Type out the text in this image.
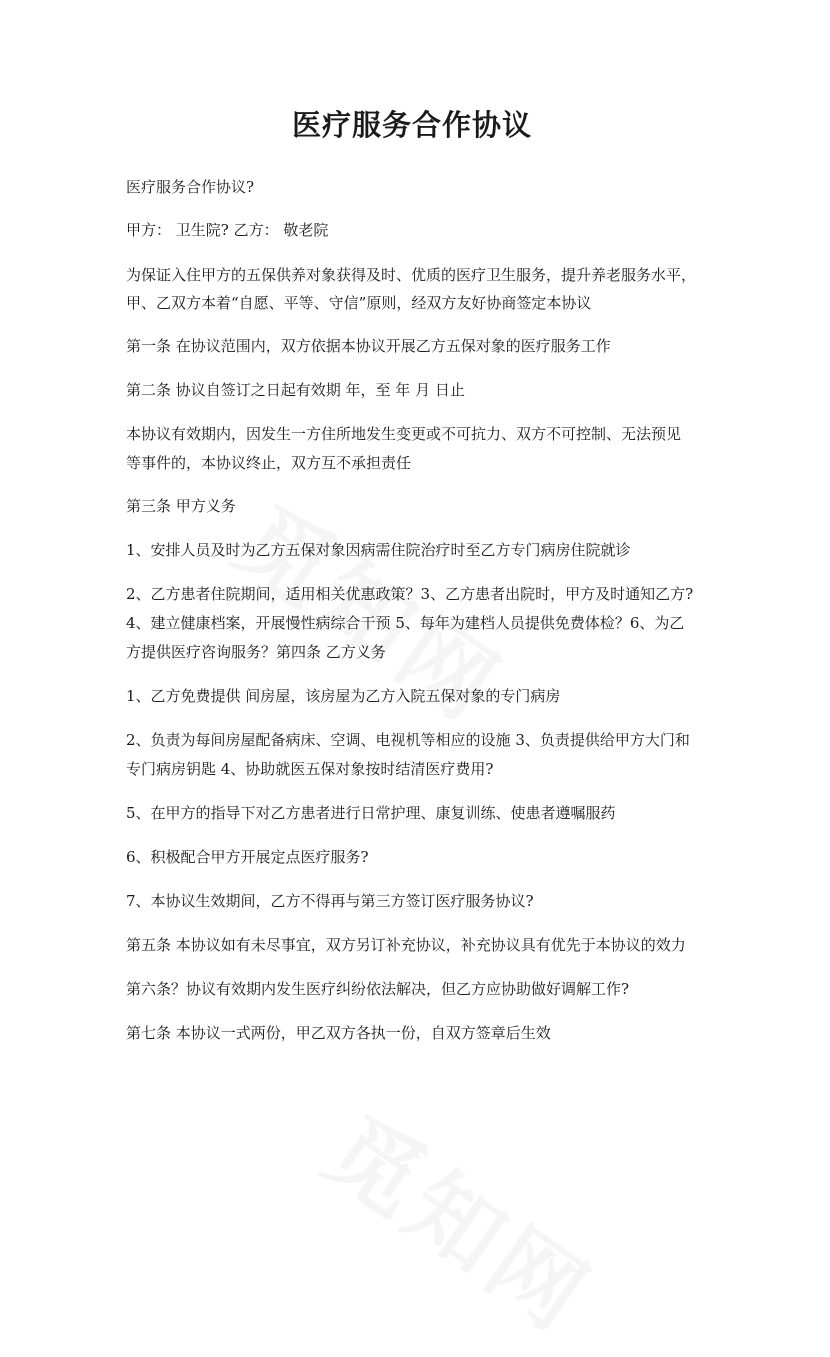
医疗服务合作协议
医疗服务合作协议?
甲方： 卫生院? 乙方： 敬老院
为保证入住甲方的五保供养对象获得及时、优质的医疗卫生服务，提升养老服务水平，
甲、乙双方本着“自愿、平等、守信”原则，经双方友好协商签定本协议
第一条 在协议范围内，双方依据本协议开展乙方五保对象的医疗服务工作
第二条 协议自签订之日起有效期 年，至 年 月 日止
本协议有效期内，因发生一方住所地发生变更或不可抗力、双方不可控制、无法预见
等事件的，本协议终止，双方互不承担责任
第三条 甲方义务
1、安排人员及时为乙方五保对象因病需住院治疗时至乙方专门病房住院就诊
2、乙方患者住院期间，适用相关优惠政策？3、乙方患者出院时，甲方及时通知乙方?
4、建立健康档案，开展慢性病综合干预 5、每年为建档人员提供免费体检？6、为乙
方提供医疗咨询服务？第四条 乙方义务
1、乙方免费提供 间房屋，该房屋为乙方入院五保对象的专门病房
2、负责为每间房屋配备病床、空调、电视机等相应的设施 3、负责提供给甲方大门和
专门病房钥匙 4、协助就医五保对象按时结清医疗费用?
5、在甲方的指导下对乙方患者进行日常护理、康复训练、使患者遵嘱服药
6、积极配合甲方开展定点医疗服务?
7、本协议生效期间，乙方不得再与第三方签订医疗服务协议?
第五条 本协议如有未尽事宜，双方另订补充协议，补充协议具有优先于本协议的效力
第六条？协议有效期内发生医疗纠纷依法解决，但乙方应协助做好调解工作?
第七条 本协议一式两份，甲乙双方各执一份，自双方签章后生效
